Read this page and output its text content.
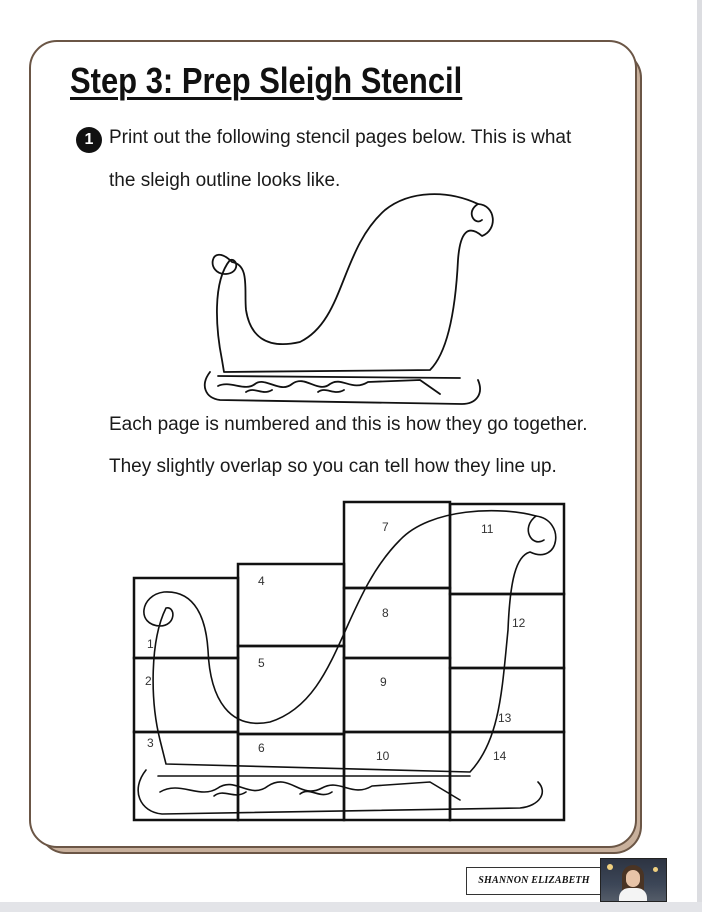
Step 3: Prep Sleigh Stencil
1 Print out the following stencil pages below. This is what

the sleigh outline looks like.

Each page is numbered and this is how they go together.

They slightly overlap so you can tell how they line up.

1
2
3
4
5
6
7
8
9
10
11
12
13
14
SHANNON ELIZABETH
